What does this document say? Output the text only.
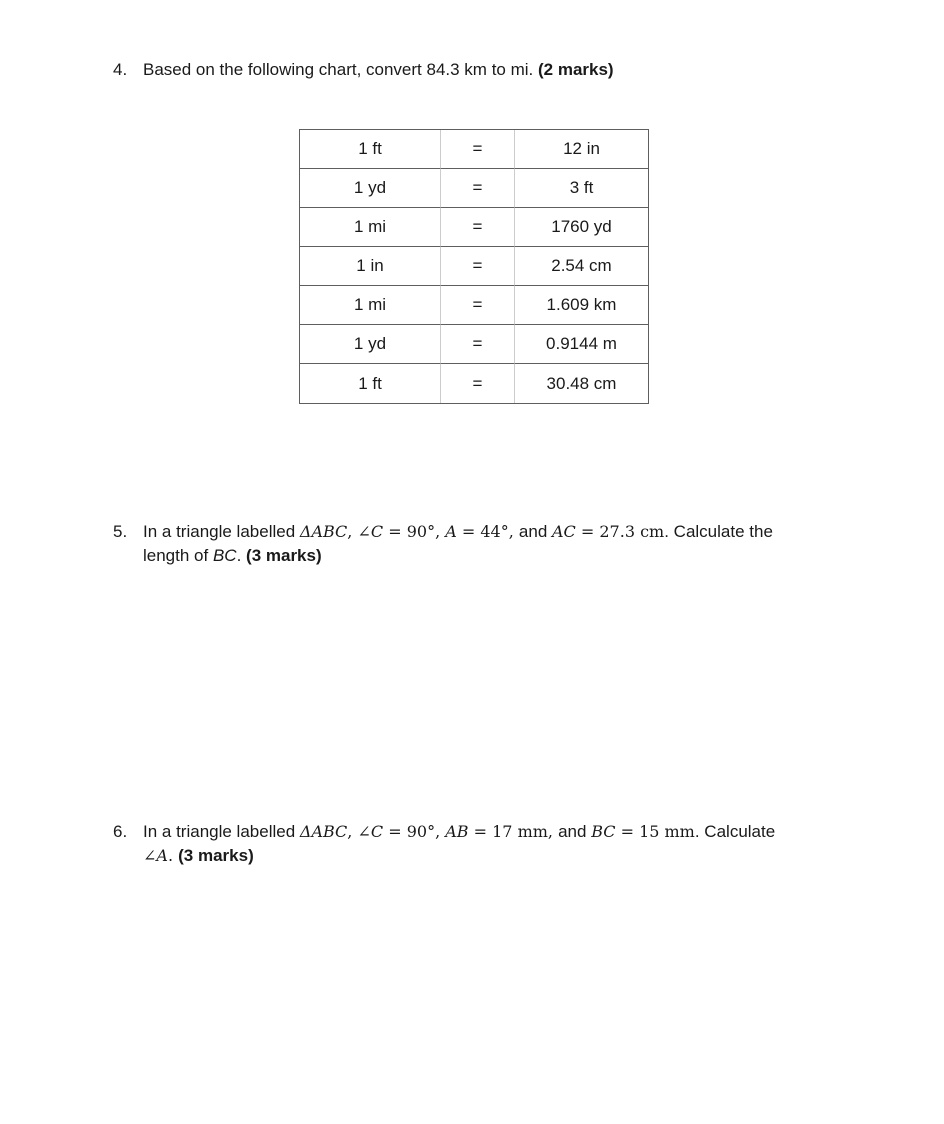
4. Based on the following chart, convert 84.3 km to mi. (2 marks)
1 ft	=	12 in
1 yd	=	3 ft
1 mi	=	1760 yd
1 in	=	2.54 cm
1 mi	=	1.609 km
1 yd	=	0.9144 m
1 ft	=	30.48 cm
5. In a triangle labelled ΔABC, ∠C = 90°, A = 44°, and AC = 27.3 cm. Calculate the
length of BC. (3 marks)
6. In a triangle labelled ΔABC, ∠C = 90°, AB = 17 mm, and BC = 15 mm. Calculate
∠A. (3 marks)
